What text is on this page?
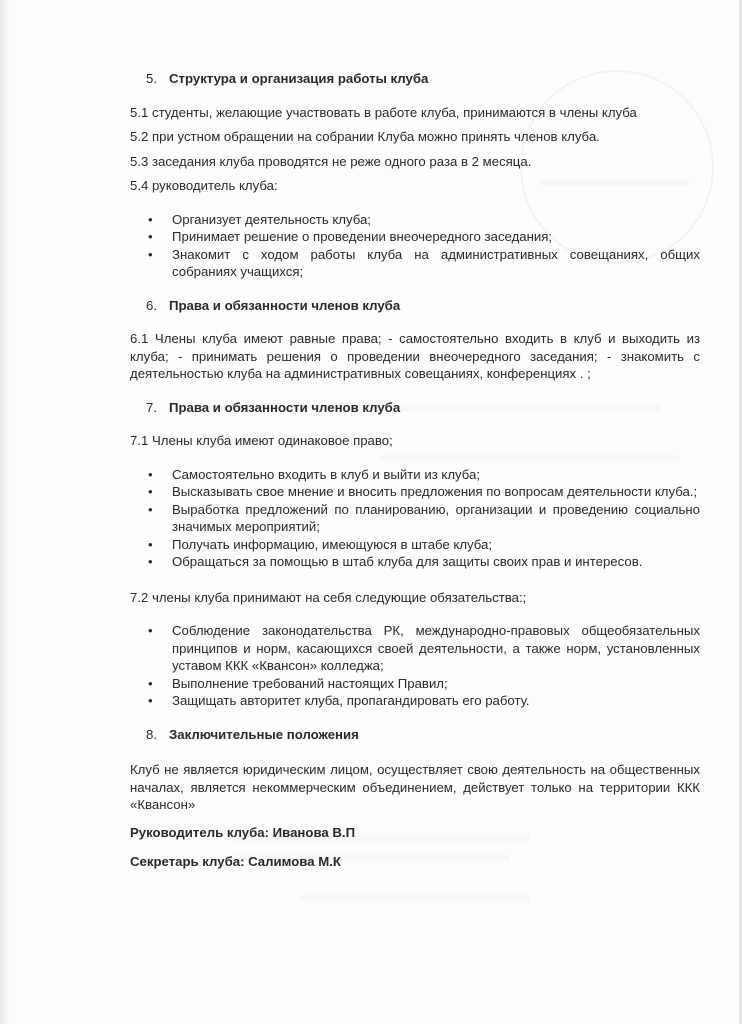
5. Структура и организация работы клуба

5.1 студенты, желающие участвовать в работе клуба, принимаются в члены клуба

5.2 при устном обращении на собрании Клуба можно принять членов клуба.

5.3 заседания клуба проводятся не реже одного раза в 2 месяца.

5.4 руководитель клуба:

• Организует деятельность клуба;
• Принимает решение о проведении внеочередного заседания;
• Знакомит с ходом работы клуба на административных совещаниях, общих собраниях учащихся;
6. Права и обязанности членов клуба

6.1 Члены клуба имеют равные права; - самостоятельно входить в клуб и выходить из клуба; - принимать решения о проведении внеочередного заседания; - знакомить с деятельностью клуба на административных совещаниях, конференциях . ;

7. Права и обязанности членов клуба

7.1 Члены клуба имеют одинаковое право;

• Самостоятельно входить в клуб и выйти из клуба;
• Высказывать свое мнение и вносить предложения по вопросам деятельности клуба.;
• Выработка предложений по планированию, организации и проведению социально значимых мероприятий;
• Получать информацию, имеющуюся в штабе клуба;
• Обращаться за помощью в штаб клуба для защиты своих прав и интересов.

7.2 члены клуба принимают на себя следующие обязательства:;

• Соблюдение законодательства РК, международно-правовых общеобязательных принципов и норм, касающихся своей деятельности, а также норм, установленных уставом ККК «Квансон» колледжа;
• Выполнение требований настоящих Правил;
• Защищать авторитет клуба, пропагандировать его работу.
8. Заключительные положения

Клуб не является юридическим лицом, осуществляет свою деятельность на общественных началах, является некоммерческим объединением, действует только на территории ККК «Квансон»

Руководитель клуба: Иванова В.П

Секретарь клуба: Салимова М.К
